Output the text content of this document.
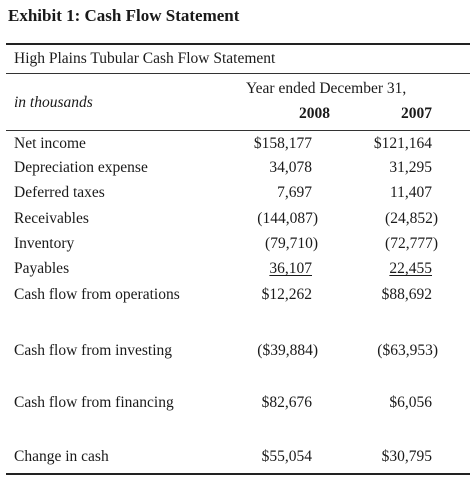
Exhibit 1: Cash Flow Statement
High Plains Tubular Cash Flow Statement
in thousands
Year ended December 31,
2008	2007
Net income	$158,177	$121,164
Depreciation expense	34,078	31,295
Deferred taxes	7,697	11,407
Receivables	(144,087)	(24,852)
Inventory	(79,710)	(72,777)
Payables	36,107	22,455
Cash flow from operations	$12,262	$88,692
Cash flow from investing	($39,884)	($63,953)
Cash flow from financing	$82,676	$6,056
Change in cash	$55,054	$30,795
